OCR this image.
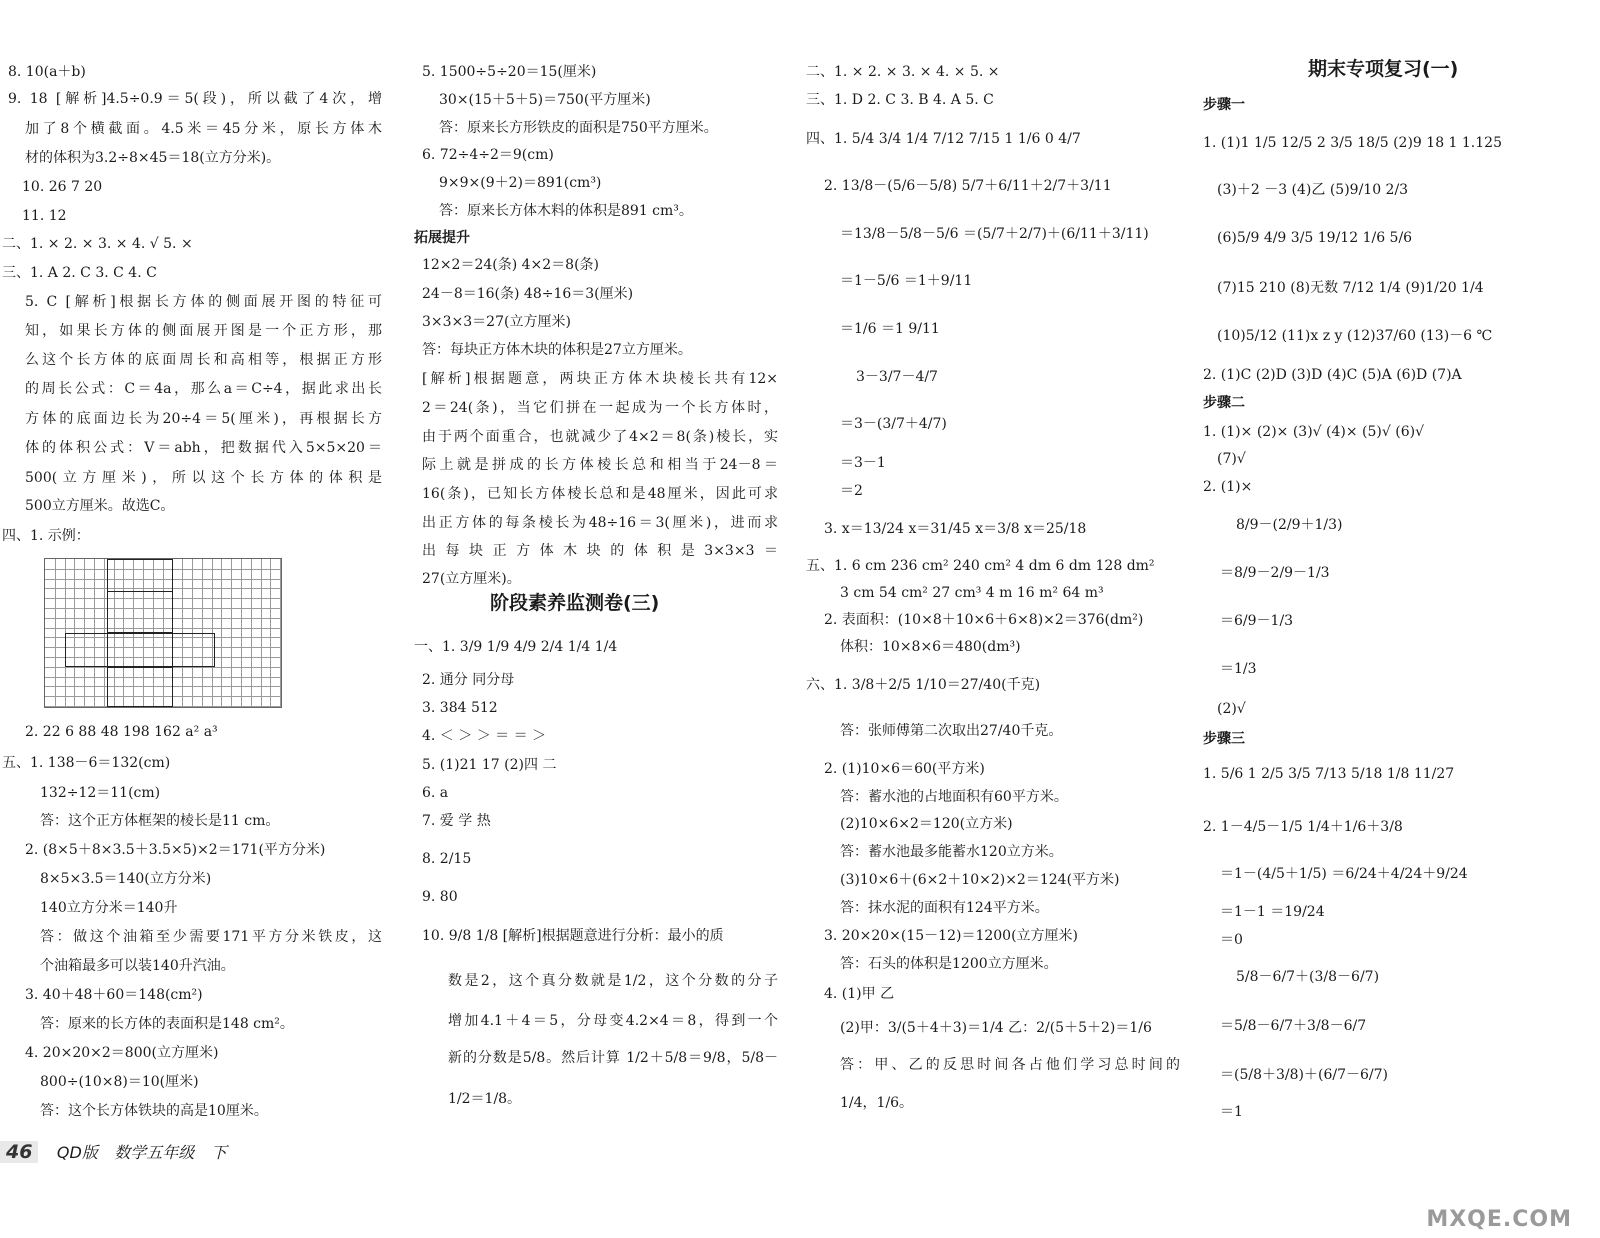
8. 10(a＋b)
9. 18 [解析]4.5÷0.9＝5(段)，所以截了4次，增
加了8个横截面。4.5米＝45分米，原长方体木
材的体积为3.2÷8×45＝18(立方分米)。
10. 26 7 20
11. 12
二、1. × 2. × 3. × 4. √ 5. ×
三、1. A 2. C 3. C 4. C
5. C [解析]根据长方体的侧面展开图的特征可
知，如果长方体的侧面展开图是一个正方形，那
么这个长方体的底面周长和高相等，根据正方形
的周长公式：C＝4a，那么a＝C÷4，据此求出长
方体的底面边长为20÷4＝5(厘米)，再根据长方
体的体积公式：V＝abh，把数据代入5×5×20＝
500(立方厘米)，所以这个长方体的体积是
500立方厘米。故选C。
四、1. 示例：
2. 22 6 88 48 198 162 a² a³
五、1. 138－6＝132(cm)
132÷12＝11(cm)
答：这个正方体框架的棱长是11 cm。
2. (8×5＋8×3.5＋3.5×5)×2＝171(平方分米)
8×5×3.5＝140(立方分米)
140立方分米＝140升
答：做这个油箱至少需要171平方分米铁皮，这
个油箱最多可以装140升汽油。
3. 40＋48＋60＝148(cm²)
答：原来的长方体的表面积是148 cm²。
4. 20×20×2＝800(立方厘米)
800÷(10×8)＝10(厘米)
答：这个长方体铁块的高是10厘米。
5. 1500÷5÷20＝15(厘米)
30×(15＋5＋5)＝750(平方厘米)
答：原来长方形铁皮的面积是750平方厘米。
6. 72÷4÷2＝9(cm)
9×9×(9＋2)＝891(cm³)
答：原来长方体木料的体积是891 cm³。
拓展提升
12×2＝24(条) 4×2＝8(条)
24－8＝16(条) 48÷16＝3(厘米)
3×3×3＝27(立方厘米)
答：每块正方体木块的体积是27立方厘米。
[解析]根据题意，两块正方体木块棱长共有12×
2＝24(条)，当它们拼在一起成为一个长方体时，
由于两个面重合，也就减少了4×2＝8(条)棱长，实
际上就是拼成的长方体棱长总和相当于24－8＝
16(条)，已知长方体棱长总和是48厘米，因此可求
出正方体的每条棱长为48÷16＝3(厘米)，进而求
出每块正方体木块的体积是3×3×3＝
27(立方厘米)。
阶段素养监测卷(三)
一、1. 3/9 1/9 4/9 2/4 1/4 1/4
2. 通分 同分母
3. 384 512
4. ＜ ＞ ＞ ＝ ＝ ＞
5. (1)21 17 (2)四 二
6. a
7. 爱 学 热
8. 2/15
9. 80
10. 9/8 1/8 [解析]根据题意进行分析：最小的质
数是2，这个真分数就是1/2，这个分数的分子
增加4.1＋4＝5，分母变4.2×4＝8，得到一个
新的分数是5/8。然后计算 1/2＋5/8＝9/8，5/8－
1/2＝1/8。
二、1. × 2. × 3. × 4. × 5. ×
三、1. D 2. C 3. B 4. A 5. C
四、1. 5/4 3/4 1/4 7/12 7/15 1 1/6 0 4/7
2. 13/8－(5/6－5/8) 5/7＋6/11＋2/7＋3/11
＝13/8－5/8－5/6 ＝(5/7＋2/7)＋(6/11＋3/11)
＝1－5/6 ＝1＋9/11
＝1/6 ＝1 9/11
3－3/7－4/7
＝3－(3/7＋4/7)
＝3－1
＝2
3. x＝13/24 x＝31/45 x＝3/8 x＝25/18
五、1. 6 cm 236 cm² 240 cm² 4 dm 6 dm 128 dm²
3 cm 54 cm² 27 cm³ 4 m 16 m² 64 m³
2. 表面积：(10×8＋10×6＋6×8)×2＝376(dm²)
体积：10×8×6＝480(dm³)
六、1. 3/8＋2/5 1/10＝27/40(千克)
答：张师傅第二次取出27/40千克。
2. (1)10×6＝60(平方米)
答：蓄水池的占地面积有60平方米。
(2)10×6×2＝120(立方米)
答：蓄水池最多能蓄水120立方米。
(3)10×6＋(6×2＋10×2)×2＝124(平方米)
答：抹水泥的面积有124平方米。
3. 20×20×(15－12)＝1200(立方厘米)
答：石头的体积是1200立方厘米。
4. (1)甲 乙
(2)甲：3/(5＋4＋3)＝1/4 乙：2/(5＋5＋2)＝1/6
答：甲、乙的反思时间各占他们学习总时间的
1/4，1/6。
期末专项复习(一)
步骤一
1. (1)1 1/5 12/5 2 3/5 18/5 (2)9 18 1 1.125
(3)＋2 －3 (4)乙 (5)9/10 2/3
(6)5/9 4/9 3/5 19/12 1/6 5/6
(7)15 210 (8)无数 7/12 1/4 (9)1/20 1/4
(10)5/12 (11)x z y (12)37/60 (13)－6 ℃
2. (1)C (2)D (3)D (4)C (5)A (6)D (7)A
步骤二
1. (1)× (2)× (3)√ (4)× (5)√ (6)√
(7)√
2. (1)×
8/9－(2/9＋1/3)
＝8/9－2/9－1/3
＝6/9－1/3
＝1/3
(2)√
步骤三
1. 5/6 1 2/5 3/5 7/13 5/18 1/8 11/27
2. 1－4/5－1/5 1/4＋1/6＋3/8
＝1－(4/5＋1/5) ＝6/24＋4/24＋9/24
＝1－1 ＝19/24
＝0
5/8－6/7＋(3/8－6/7)
＝5/8－6/7＋3/8－6/7
＝(5/8＋3/8)＋(6/7－6/7)
＝1
46 QD版 数学五年级 下
MXQE.COM
